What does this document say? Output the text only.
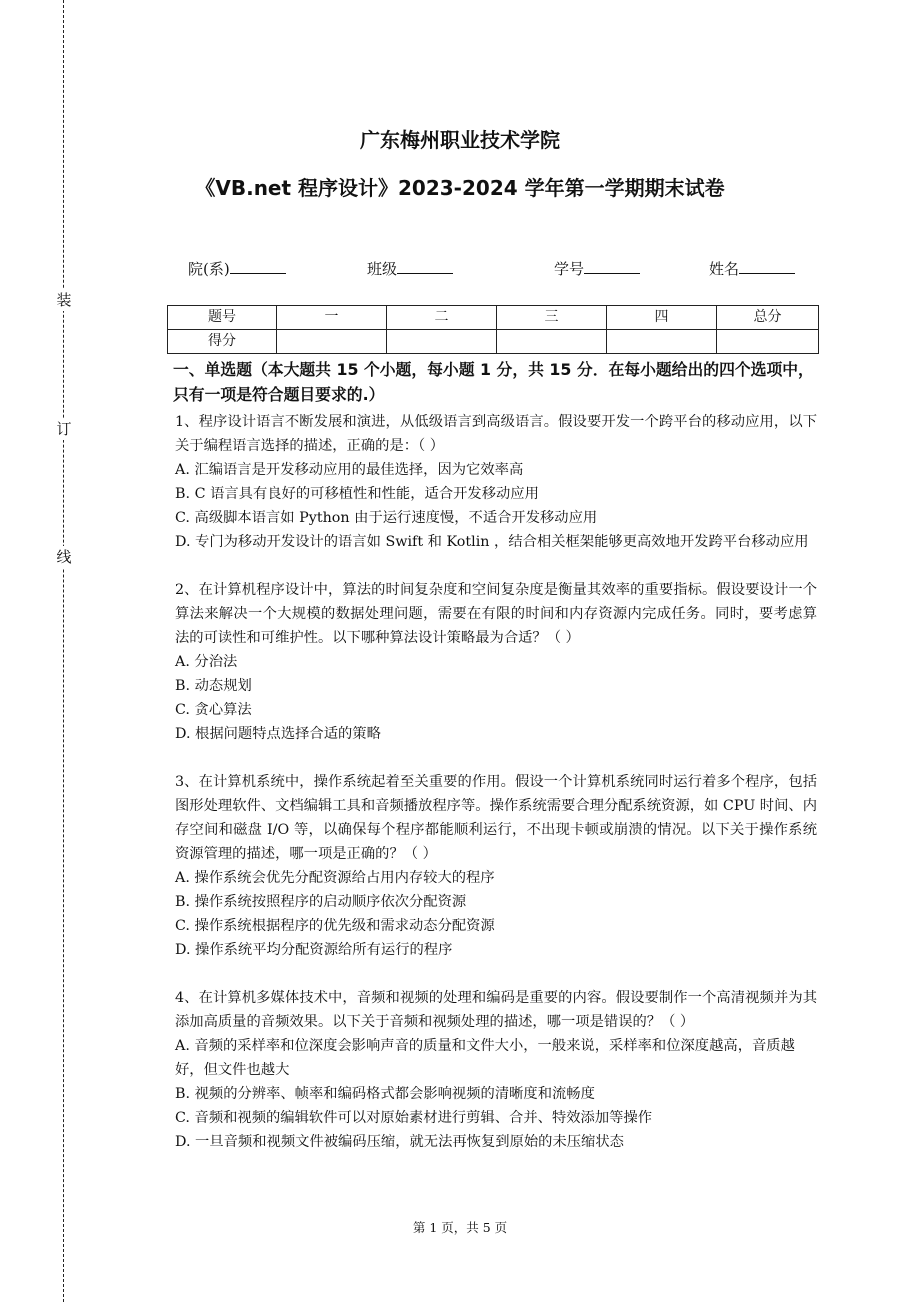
装
订
线
广东梅州职业技术学院
《VB.net 程序设计》2023-2024 学年第一学期期末试卷
院(系)	班级	学号	姓名
题号	一	二	三	四	总分
得分					
一、单选题（本大题共 15 个小题，每小题 1 分，共 15 分．在每小题给出的四个选项中，只有一项是符合题目要求的.）
1、程序设计语言不断发展和演进，从低级语言到高级语言。假设要开发一个跨平台的移动应用，以下关于编程语言选择的描述，正确的是：（ ）
A. 汇编语言是开发移动应用的最佳选择，因为它效率高
B. C 语言具有良好的可移植性和性能，适合开发移动应用
C. 高级脚本语言如 Python 由于运行速度慢，不适合开发移动应用
D. 专门为移动开发设计的语言如 Swift 和 Kotlin ，结合相关框架能够更高效地开发跨平台移动应用
2、在计算机程序设计中，算法的时间复杂度和空间复杂度是衡量其效率的重要指标。假设要设计一个算法来解决一个大规模的数据处理问题，需要在有限的时间和内存资源内完成任务。同时，要考虑算法的可读性和可维护性。以下哪种算法设计策略最为合适？（ ）
A. 分治法
B. 动态规划
C. 贪心算法
D. 根据问题特点选择合适的策略
3、在计算机系统中，操作系统起着至关重要的作用。假设一个计算机系统同时运行着多个程序，包括图形处理软件、文档编辑工具和音频播放程序等。操作系统需要合理分配系统资源，如 CPU 时间、内存空间和磁盘 I/O 等，以确保每个程序都能顺利运行，不出现卡顿或崩溃的情况。以下关于操作系统资源管理的描述，哪一项是正确的？（ ）
A. 操作系统会优先分配资源给占用内存较大的程序
B. 操作系统按照程序的启动顺序依次分配资源
C. 操作系统根据程序的优先级和需求动态分配资源
D. 操作系统平均分配资源给所有运行的程序
4、在计算机多媒体技术中，音频和视频的处理和编码是重要的内容。假设要制作一个高清视频并为其添加高质量的音频效果。以下关于音频和视频处理的描述，哪一项是错误的？（ ）
A. 音频的采样率和位深度会影响声音的质量和文件大小，一般来说，采样率和位深度越高，音质越好，但文件也越大
B. 视频的分辨率、帧率和编码格式都会影响视频的清晰度和流畅度
C. 音频和视频的编辑软件可以对原始素材进行剪辑、合并、特效添加等操作
D. 一旦音频和视频文件被编码压缩，就无法再恢复到原始的未压缩状态
第 1 页，共 5 页
